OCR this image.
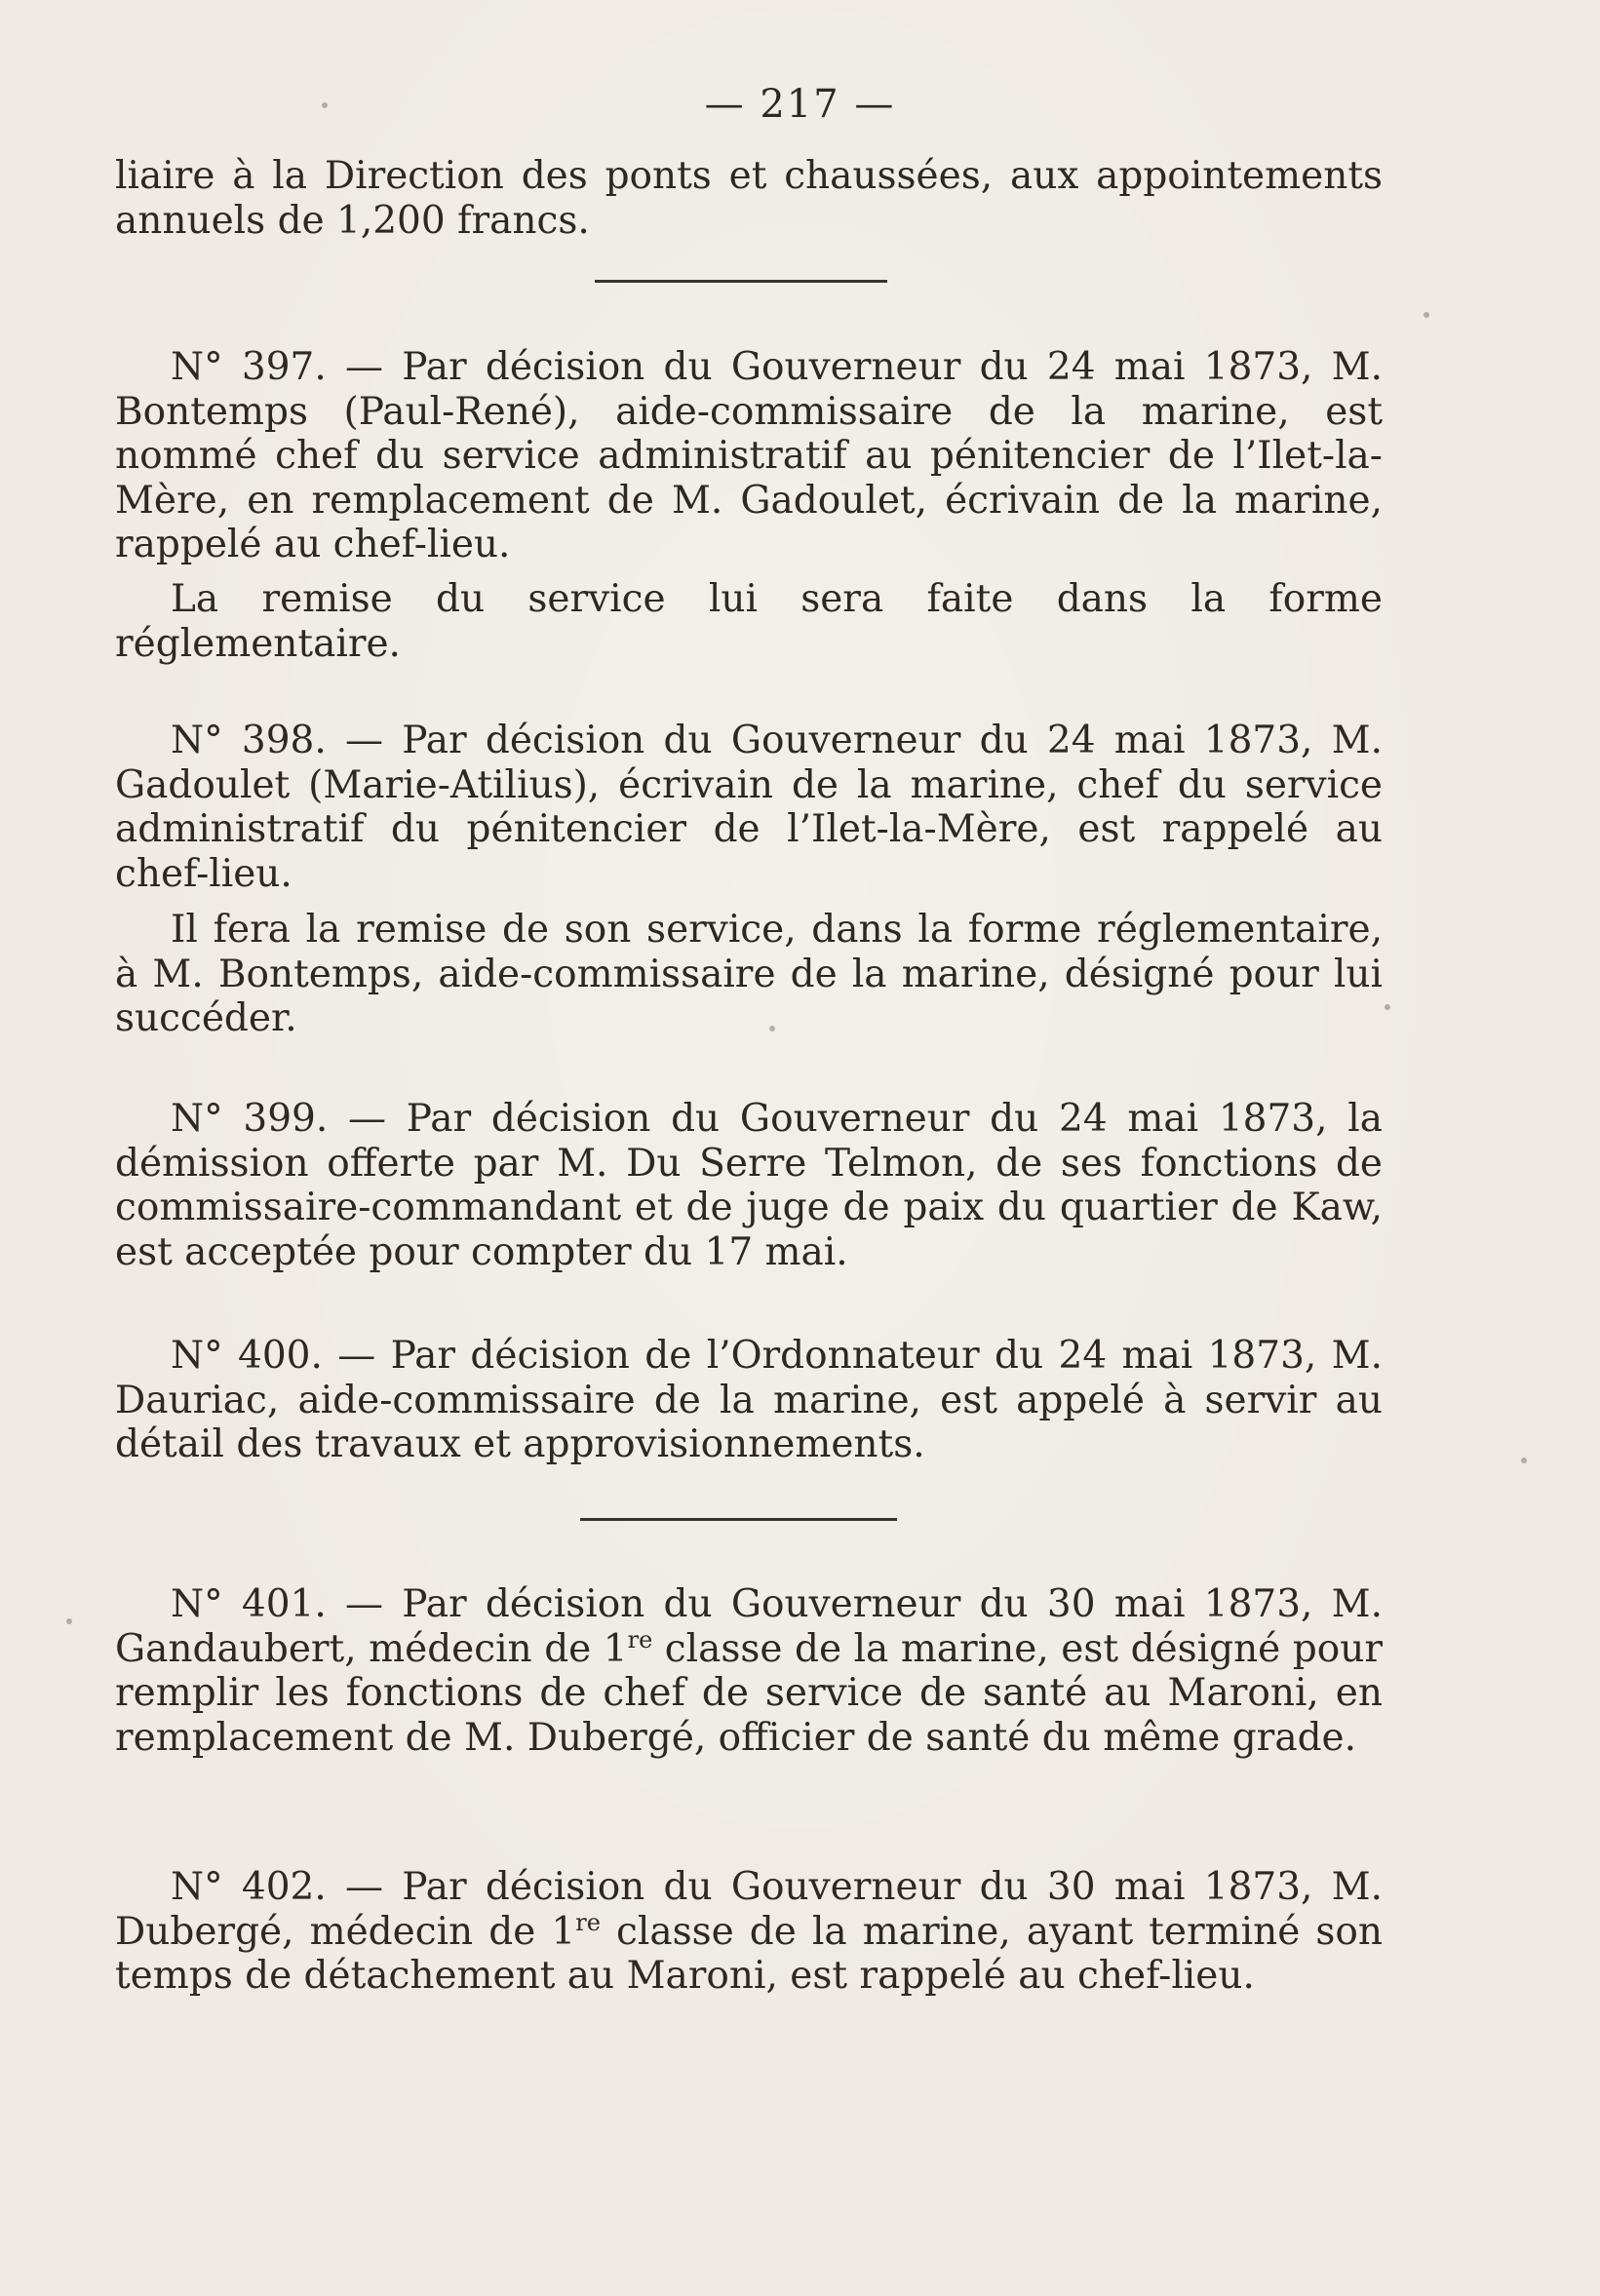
— 217 —

liaire à la Direction des ponts et chaussées, aux appointements annuels de 1,200 francs.

N° 397. — Par décision du Gouverneur du 24 mai 1873, M. Bontemps (Paul-René), aide-commissaire de la marine, est nommé chef du service administratif au pénitencier de l’Ilet-la-Mère, en remplacement de M. Gadoulet, écrivain de la marine, rappelé au chef-lieu.

La remise du service lui sera faite dans la forme réglementaire.

N° 398. — Par décision du Gouverneur du 24 mai 1873, M. Gadoulet (Marie-Atilius), écrivain de la marine, chef du service administratif du pénitencier de l’Ilet-la-Mère, est rappelé au chef-lieu.

Il fera la remise de son service, dans la forme réglementaire, à M. Bontemps, aide-commissaire de la marine, désigné pour lui succéder.

N° 399. — Par décision du Gouverneur du 24 mai 1873, la démission offerte par M. Du Serre Telmon, de ses fonctions de commissaire-commandant et de juge de paix du quartier de Kaw, est acceptée pour compter du 17 mai.

N° 400. — Par décision de l’Ordonnateur du 24 mai 1873, M. Dauriac, aide-commissaire de la marine, est appelé à servir au détail des travaux et approvisionnements.

N° 401. — Par décision du Gouverneur du 30 mai 1873, M. Gandaubert, médecin de 1re classe de la marine, est désigné pour remplir les fonctions de chef de service de santé au Maroni, en remplacement de M. Dubergé, officier de santé du même grade.

N° 402. — Par décision du Gouverneur du 30 mai 1873, M. Dubergé, médecin de 1re classe de la marine, ayant terminé son temps de détachement au Maroni, est rappelé au chef-lieu.
